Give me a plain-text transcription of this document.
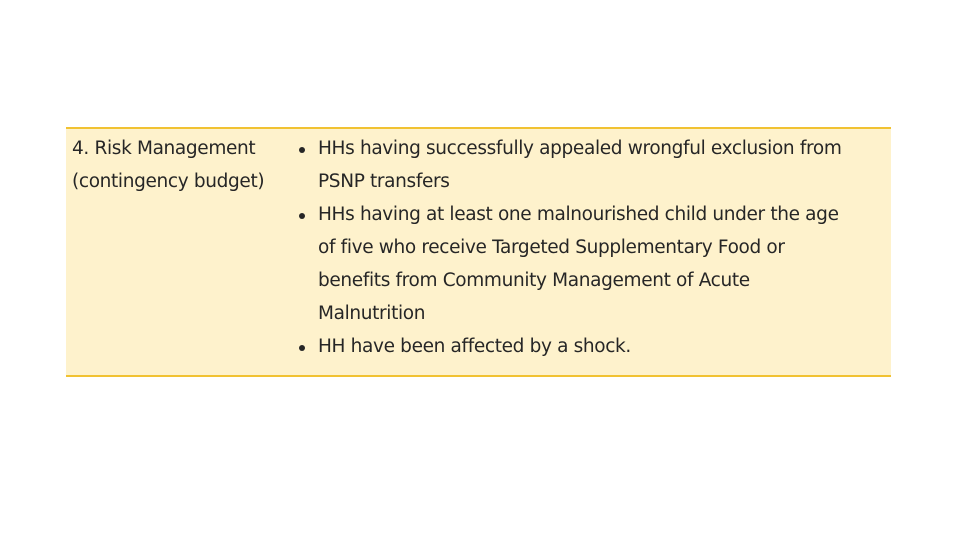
4. Risk Management
(contingency budget)
HHs having successfully appealed wrongful exclusion from
PSNP transfers
HHs having at least one malnourished child under the age
of five who receive Targeted Supplementary Food or
benefits from Community Management of Acute
Malnutrition
HH have been affected by a shock.
